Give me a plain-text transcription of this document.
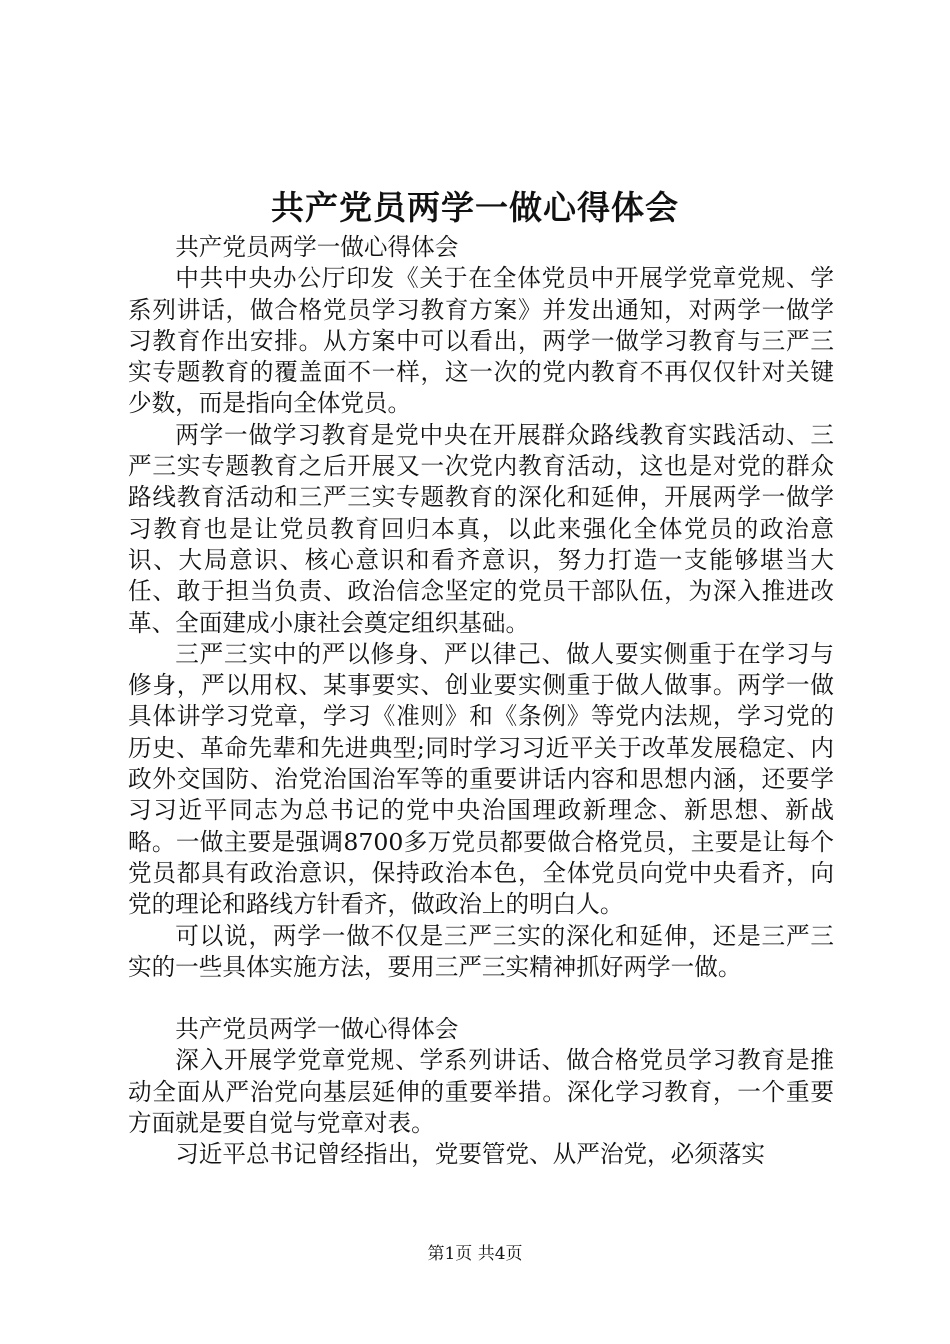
共产党员两学一做心得体会

共产党员两学一做心得体会

中共中央办公厅印发《关于在全体党员中开展学党章党规、学系列讲话，做合格党员学习教育方案》并发出通知，对两学一做学习教育作出安排。从方案中可以看出，两学一做学习教育与三严三实专题教育的覆盖面不一样，这一次的党内教育不再仅仅针对关键少数，而是指向全体党员。

两学一做学习教育是党中央在开展群众路线教育实践活动、三严三实专题教育之后开展又一次党内教育活动，这也是对党的群众路线教育活动和三严三实专题教育的深化和延伸，开展两学一做学习教育也是让党员教育回归本真，以此来强化全体党员的政治意识、大局意识、核心意识和看齐意识，努力打造一支能够堪当大任、敢于担当负责、政治信念坚定的党员干部队伍，为深入推进改革、全面建成小康社会奠定组织基础。

三严三实中的严以修身、严以律己、做人要实侧重于在学习与修身，严以用权、某事要实、创业要实侧重于做人做事。两学一做具体讲学习党章，学习《准则》和《条例》等党内法规，学习党的历史、革命先辈和先进典型;同时学习习近平关于改革发展稳定、内政外交国防、治党治国治军等的重要讲话内容和思想内涵，还要学习习近平同志为总书记的党中央治国理政新理念、新思想、新战略。一做主要是强调8700多万党员都要做合格党员，主要是让每个党员都具有政治意识，保持政治本色，全体党员向党中央看齐，向党的理论和路线方针看齐，做政治上的明白人。

可以说，两学一做不仅是三严三实的深化和延伸，还是三严三实的一些具体实施方法，要用三严三实精神抓好两学一做。

共产党员两学一做心得体会

深入开展学党章党规、学系列讲话、做合格党员学习教育是推动全面从严治党向基层延伸的重要举措。深化学习教育，一个重要方面就是要自觉与党章对表。

习近平总书记曾经指出，党要管党、从严治党，必须落实

第1页 共4页
